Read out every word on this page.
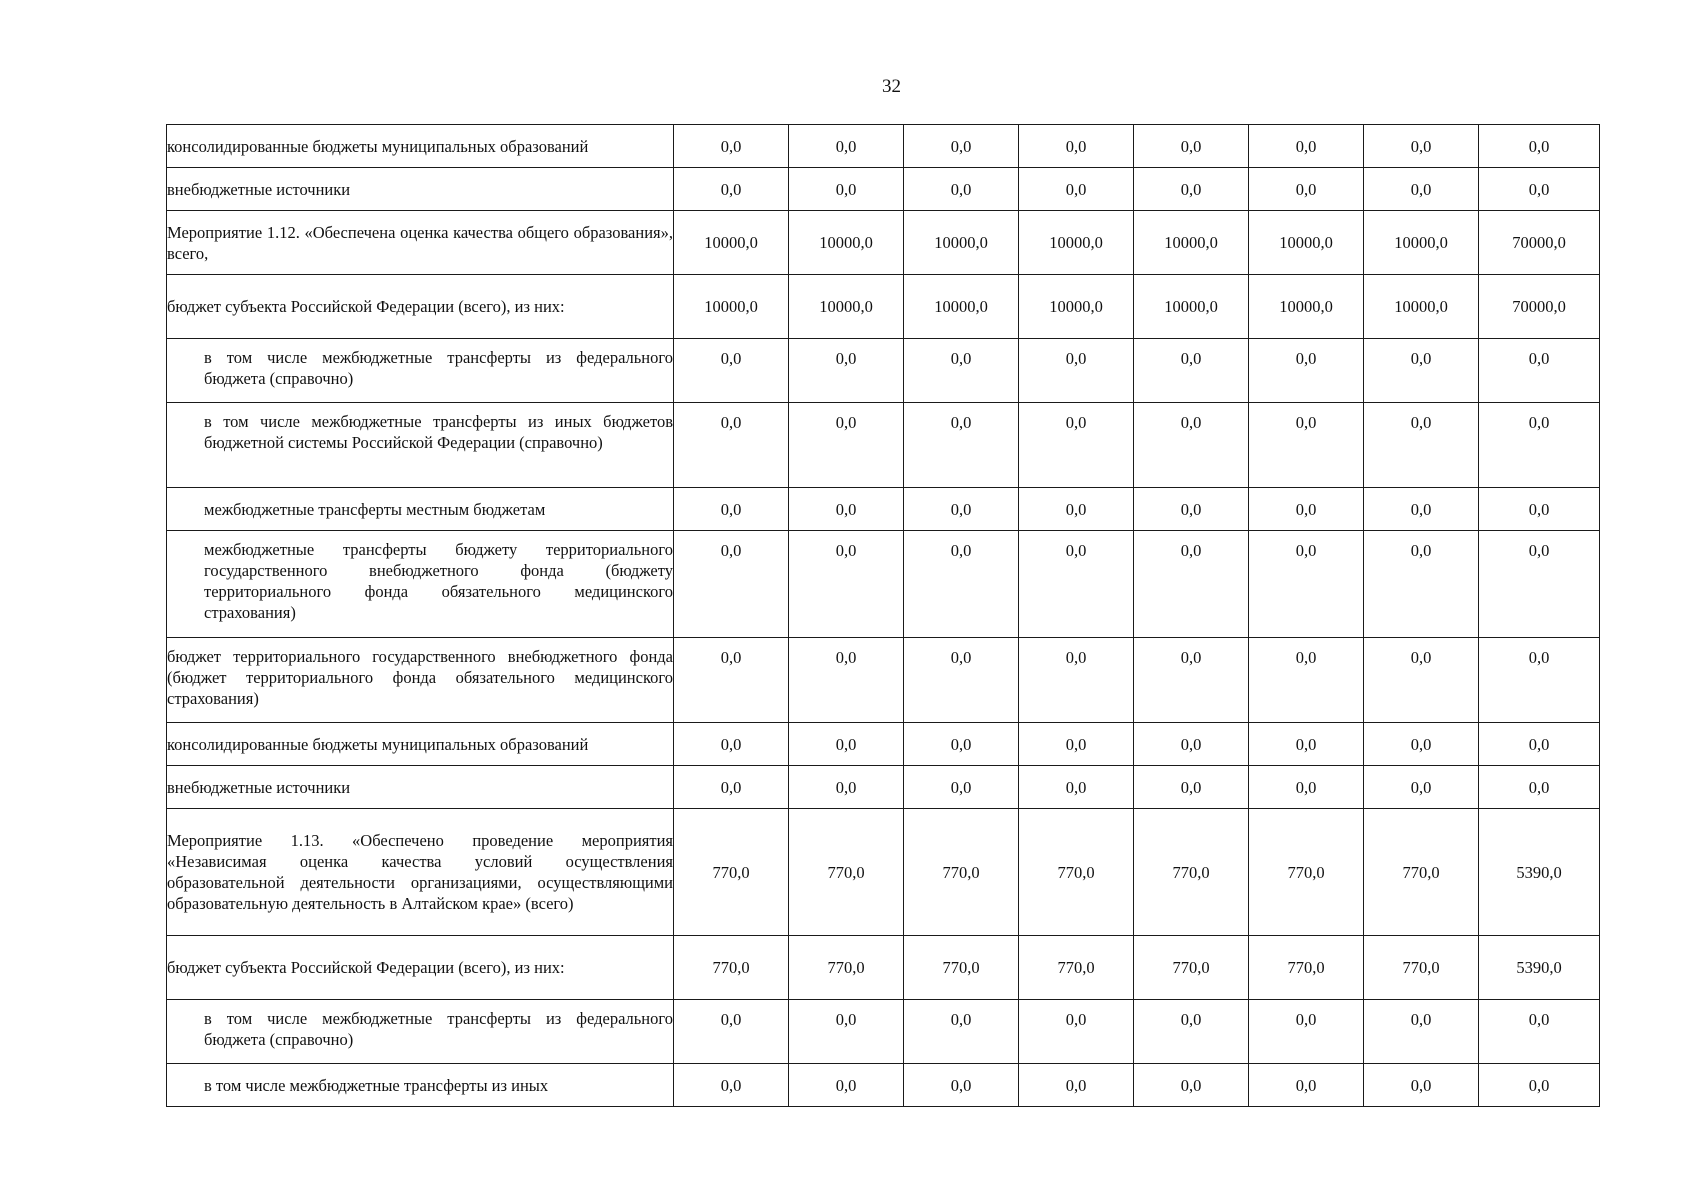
32
консолидированные бюджеты муниципальных образований	0,0	0,0	0,0	0,0	0,0	0,0	0,0	0,0
внебюджетные источники	0,0	0,0	0,0	0,0	0,0	0,0	0,0	0,0
Мероприятие 1.12. «Обеспечена оценка качества общего образования», всего,	10000,0	10000,0	10000,0	10000,0	10000,0	10000,0	10000,0	70000,0
бюджет субъекта Российской Федерации (всего), из них:	10000,0	10000,0	10000,0	10000,0	10000,0	10000,0	10000,0	70000,0
в том числе межбюджетные трансферты из федерального бюджета (справочно)	0,0	0,0	0,0	0,0	0,0	0,0	0,0	0,0
в том числе межбюджетные трансферты из иных бюджетов бюджетной системы Российской Федерации (справочно)	0,0	0,0	0,0	0,0	0,0	0,0	0,0	0,0
межбюджетные трансферты местным бюджетам	0,0	0,0	0,0	0,0	0,0	0,0	0,0	0,0
межбюджетные трансферты бюджету территориального государственного внебюджетного фонда (бюджету территориального фонда обязательного медицинского страхования)	0,0	0,0	0,0	0,0	0,0	0,0	0,0	0,0
бюджет территориального государственного внебюджетного фонда (бюджет территориального фонда обязательного медицинского страхования)	0,0	0,0	0,0	0,0	0,0	0,0	0,0	0,0
консолидированные бюджеты муниципальных образований	0,0	0,0	0,0	0,0	0,0	0,0	0,0	0,0
внебюджетные источники	0,0	0,0	0,0	0,0	0,0	0,0	0,0	0,0
Мероприятие 1.13. «Обеспечено проведение мероприятия «Независимая оценка качества условий осуществления образовательной деятельности организациями, осуществляющими образовательную деятельность в Алтайском крае» (всего)	770,0	770,0	770,0	770,0	770,0	770,0	770,0	5390,0
бюджет субъекта Российской Федерации (всего), из них:	770,0	770,0	770,0	770,0	770,0	770,0	770,0	5390,0
в том числе межбюджетные трансферты из федерального бюджета (справочно)	0,0	0,0	0,0	0,0	0,0	0,0	0,0	0,0
в том числе межбюджетные трансферты из иных	0,0	0,0	0,0	0,0	0,0	0,0	0,0	0,0
